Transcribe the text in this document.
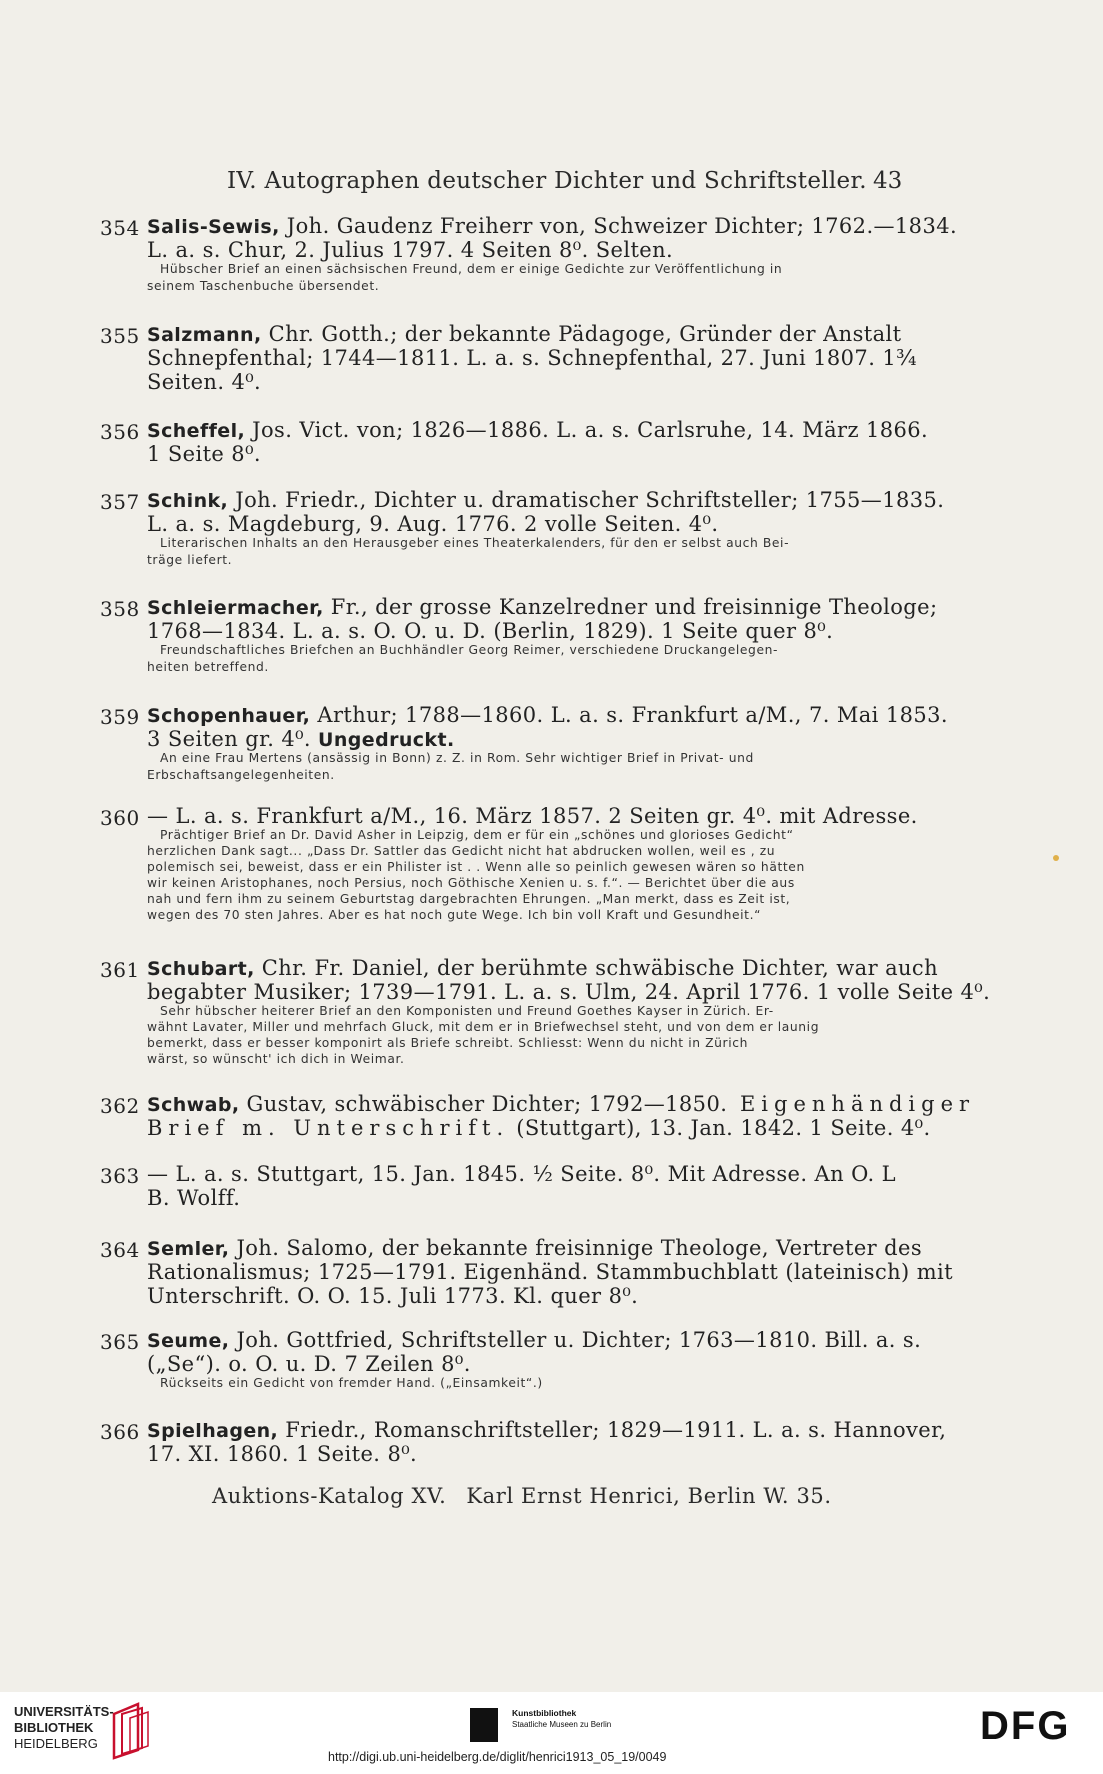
IV. Autographen deutscher Dichter und Schriftsteller. 43
354 Salis-Sewis, Joh. Gaudenz Freiherr von, Schweizer Dichter; 1762.—1834.
L. a. s. Chur, 2. Julius 1797. 4 Seiten 8⁰. Selten.
Hübscher Brief an einen sächsischen Freund, dem er einige Gedichte zur Veröffentlichung in
seinem Taschenbuche übersendet.
355 Salzmann, Chr. Gotth.; der bekannte Pädagoge, Gründer der Anstalt
Schnepfenthal; 1744—1811. L. a. s. Schnepfenthal, 27. Juni 1807. 1¾
Seiten. 4⁰.
356 Scheffel, Jos. Vict. von; 1826—1886. L. a. s. Carlsruhe, 14. März 1866.
1 Seite 8⁰.
357 Schink, Joh. Friedr., Dichter u. dramatischer Schriftsteller; 1755—1835.
L. a. s. Magdeburg, 9. Aug. 1776. 2 volle Seiten. 4⁰.
Literarischen Inhalts an den Herausgeber eines Theaterkalenders, für den er selbst auch Bei-
träge liefert.
358 Schleiermacher, Fr., der grosse Kanzelredner und freisinnige Theologe;
1768—1834. L. a. s. O. O. u. D. (Berlin, 1829). 1 Seite quer 8⁰.
Freundschaftliches Briefchen an Buchhändler Georg Reimer, verschiedene Druckangelegen-
heiten betreffend.
359 Schopenhauer, Arthur; 1788—1860. L. a. s. Frankfurt a/M., 7. Mai 1853.
3 Seiten gr. 4⁰. Ungedruckt.
An eine Frau Mertens (ansässig in Bonn) z. Z. in Rom. Sehr wichtiger Brief in Privat- und
Erbschaftsangelegenheiten.
360 — L. a. s. Frankfurt a/M., 16. März 1857. 2 Seiten gr. 4⁰. mit Adresse.
Prächtiger Brief an Dr. David Asher in Leipzig, dem er für ein „schönes und glorioses Gedicht“
herzlichen Dank sagt... „Dass Dr. Sattler das Gedicht nicht hat abdrucken wollen, weil es , zu
polemisch sei, beweist, dass er ein Philister ist . . Wenn alle so peinlich gewesen wären so hätten
wir keinen Aristophanes, noch Persius, noch Göthische Xenien u. s. f.“. — Berichtet über die aus
nah und fern ihm zu seinem Geburtstag dargebrachten Ehrungen. „Man merkt, dass es Zeit ist,
wegen des 70 sten Jahres. Aber es hat noch gute Wege. Ich bin voll Kraft und Gesundheit.“
361 Schubart, Chr. Fr. Daniel, der berühmte schwäbische Dichter, war auch
begabter Musiker; 1739—1791. L. a. s. Ulm, 24. April 1776. 1 volle Seite 4⁰.
Sehr hübscher heiterer Brief an den Komponisten und Freund Goethes Kayser in Zürich. Er-
wähnt Lavater, Miller und mehrfach Gluck, mit dem er in Briefwechsel steht, und von dem er launig
bemerkt, dass er besser komponirt als Briefe schreibt. Schliesst: Wenn du nicht in Zürich
wärst, so wünscht' ich dich in Weimar.
362 Schwab, Gustav, schwäbischer Dichter; 1792—1850. Eigenhändiger
Brief m. Unterschrift. (Stuttgart), 13. Jan. 1842. 1 Seite. 4⁰.
363 — L. a. s. Stuttgart, 15. Jan. 1845. ½ Seite. 8⁰. Mit Adresse. An O. L
B. Wolff.
364 Semler, Joh. Salomo, der bekannte freisinnige Theologe, Vertreter des
Rationalismus; 1725—1791. Eigenhänd. Stammbuchblatt (lateinisch) mit
Unterschrift. O. O. 15. Juli 1773. Kl. quer 8⁰.
365 Seume, Joh. Gottfried, Schriftsteller u. Dichter; 1763—1810. Bill. a. s.
(„Se“). o. O. u. D. 7 Zeilen 8⁰.
Rückseits ein Gedicht von fremder Hand. („Einsamkeit“.)
366 Spielhagen, Friedr., Romanschriftsteller; 1829—1911. L. a. s. Hannover,
17. XI. 1860. 1 Seite. 8⁰.
Auktions-Katalog XV. Karl Ernst Henrici, Berlin W. 35.
UNIVERSITÄTS-
BIBLIOTHEK
HEIDELBERG
Kunstbibliothek
Staatliche Museen zu Berlin	DFG
http://digi.ub.uni-heidelberg.de/diglit/henrici1913_05_19/0049
